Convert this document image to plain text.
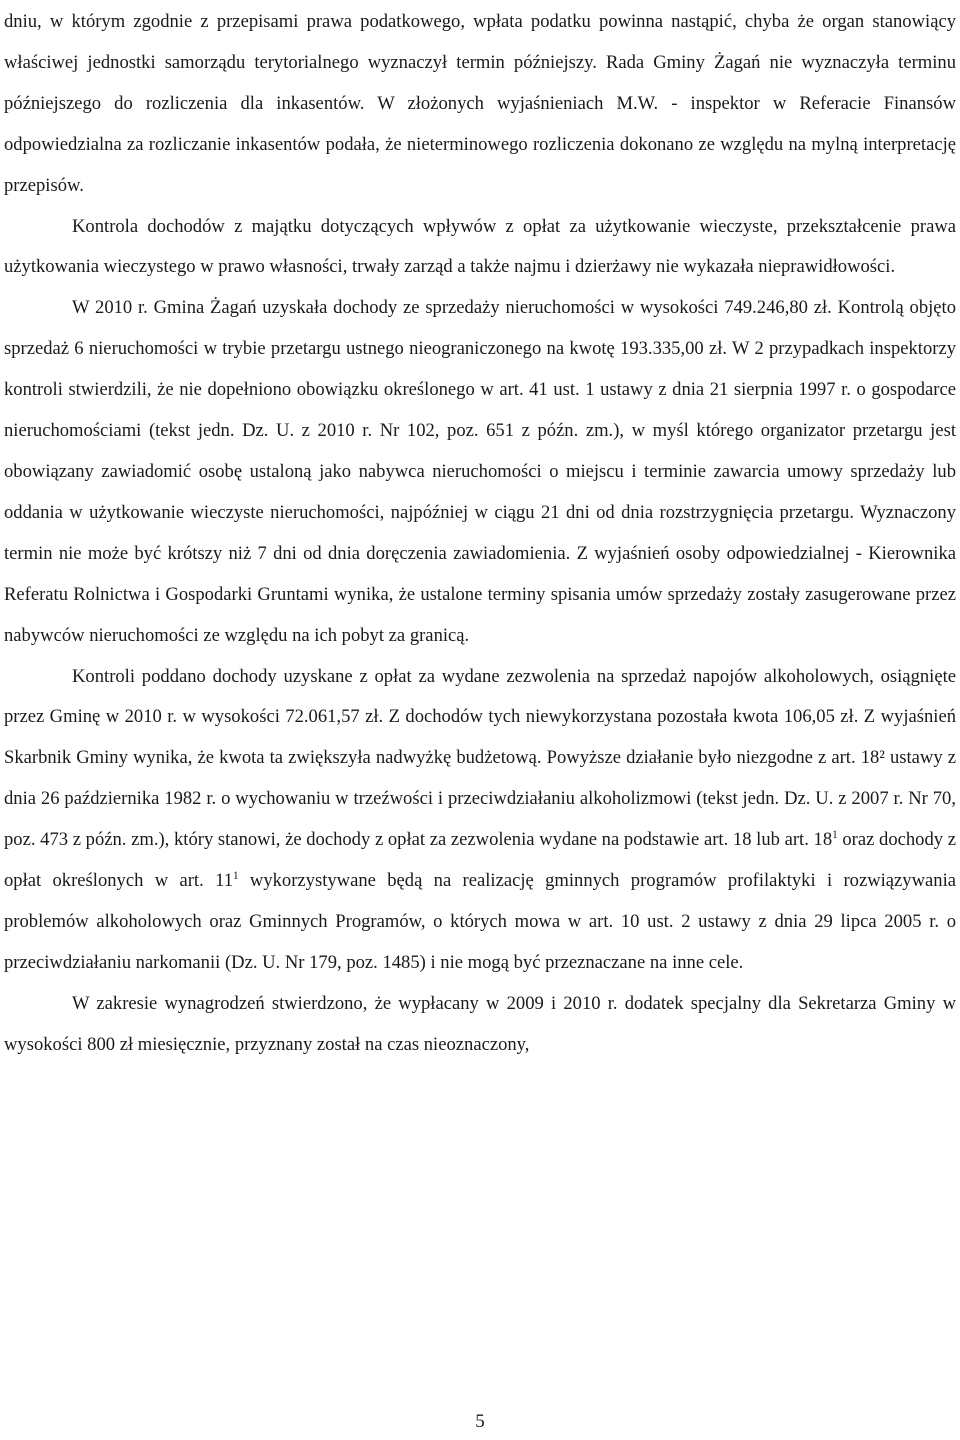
dniu, w którym zgodnie z przepisami prawa podatkowego, wpłata podatku powinna nastąpić, chyba że organ stanowiący właściwej jednostki samorządu terytorialnego wyznaczył termin późniejszy. Rada Gminy Żagań nie wyznaczyła terminu późniejszego do rozliczenia dla inkasentów. W złożonych wyjaśnieniach M.W. - inspektor w Referacie Finansów odpowiedzialna za rozliczanie inkasentów podała, że nieterminowego rozliczenia dokonano ze względu na mylną interpretację przepisów.

Kontrola dochodów z majątku dotyczących wpływów z opłat za użytkowanie wieczyste, przekształcenie prawa użytkowania wieczystego w prawo własności, trwały zarząd a także najmu i dzierżawy nie wykazała nieprawidłowości.

W 2010 r. Gmina Żagań uzyskała dochody ze sprzedaży nieruchomości w wysokości 749.246,80 zł. Kontrolą objęto sprzedaż 6 nieruchomości w trybie przetargu ustnego nieograniczonego na kwotę 193.335,00 zł. W 2 przypadkach inspektorzy kontroli stwierdzili, że nie dopełniono obowiązku określonego w art. 41 ust. 1 ustawy z dnia 21 sierpnia 1997 r. o gospodarce nieruchomościami (tekst jedn. Dz. U. z 2010 r. Nr 102, poz. 651 z późn. zm.), w myśl którego organizator przetargu jest obowiązany zawiadomić osobę ustaloną jako nabywca nieruchomości o miejscu i terminie zawarcia umowy sprzedaży lub oddania w użytkowanie wieczyste nieruchomości, najpóźniej w ciągu 21 dni od dnia rozstrzygnięcia przetargu. Wyznaczony termin nie może być krótszy niż 7 dni od dnia doręczenia zawiadomienia. Z wyjaśnień osoby odpowiedzialnej - Kierownika Referatu Rolnictwa i Gospodarki Gruntami wynika, że ustalone terminy spisania umów sprzedaży zostały zasugerowane przez nabywców nieruchomości ze względu na ich pobyt za granicą.

Kontroli poddano dochody uzyskane z opłat za wydane zezwolenia na sprzedaż napojów alkoholowych, osiągnięte przez Gminę w 2010 r. w wysokości 72.061,57 zł. Z dochodów tych niewykorzystana pozostała kwota 106,05 zł. Z wyjaśnień Skarbnik Gminy wynika, że kwota ta zwiększyła nadwyżkę budżetową. Powyższe działanie było niezgodne z art. 18² ustawy z dnia 26 października 1982 r. o wychowaniu w trzeźwości i przeciwdziałaniu alkoholizmowi (tekst jedn. Dz. U. z 2007 r. Nr 70, poz. 473 z późn. zm.), który stanowi, że dochody z opłat za zezwolenia wydane na podstawie art. 18 lub art. $18^1$ oraz dochody z opłat określonych w art. $11^1$ wykorzystywane będą na realizację gminnych programów profilaktyki i rozwiązywania problemów alkoholowych oraz Gminnych Programów, o których mowa w art. 10 ust. 2 ustawy z dnia 29 lipca 2005 r. o przeciwdziałaniu narkomanii (Dz. U. Nr 179, poz. 1485) i nie mogą być przeznaczane na inne cele.

W zakresie wynagrodzeń stwierdzono, że wypłacany w 2009 i 2010 r. dodatek specjalny dla Sekretarza Gminy w wysokości 800 zł miesięcznie, przyznany został na czas nieoznaczony,

5
